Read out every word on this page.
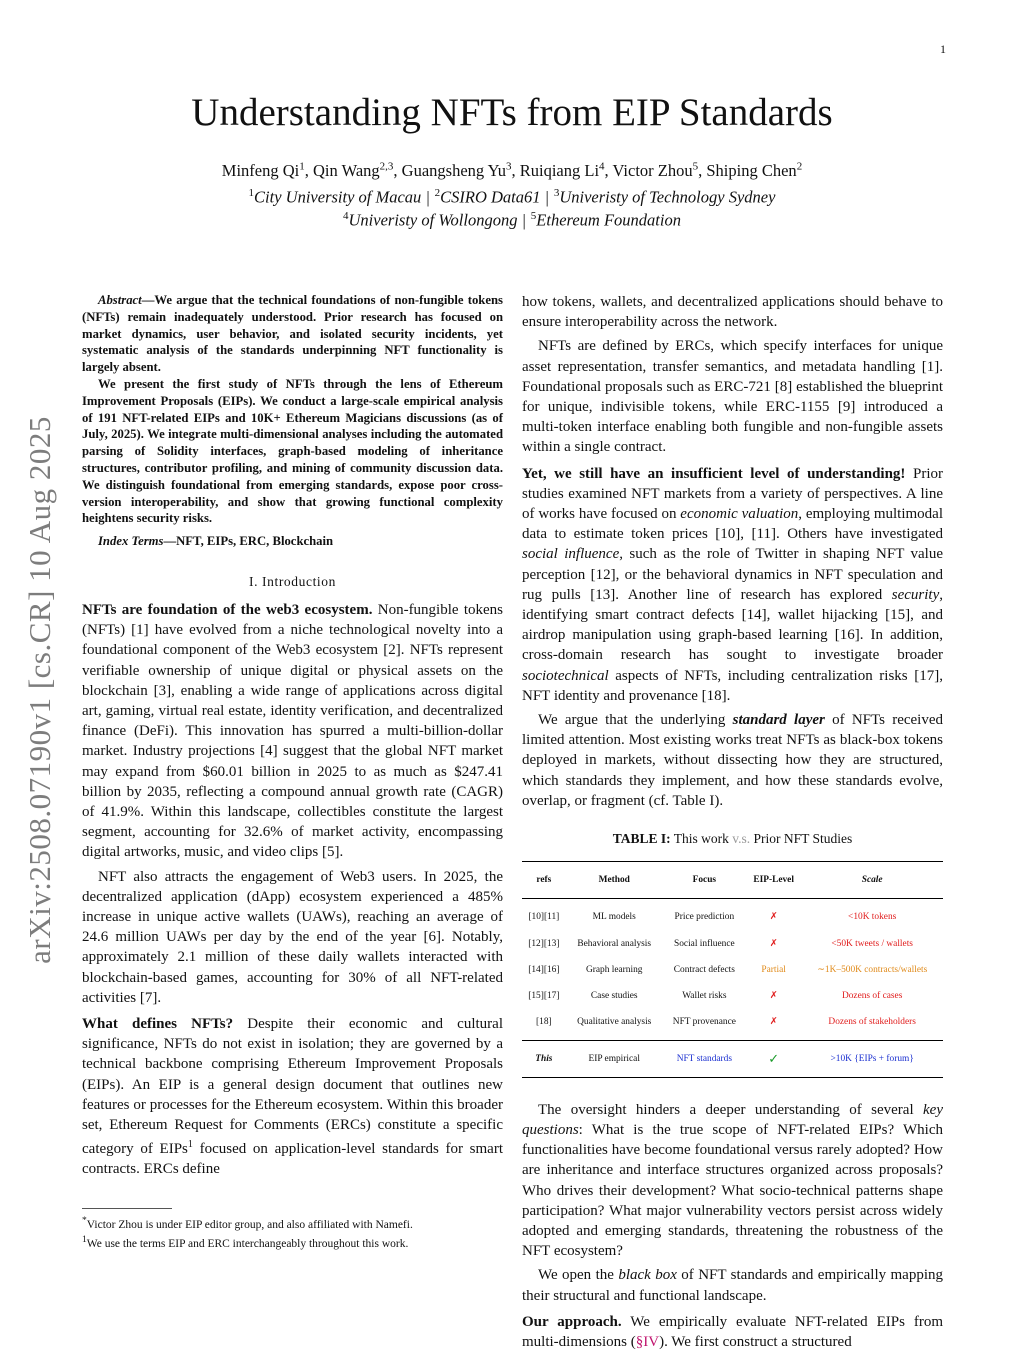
1
arXiv:2508.07190v1 [cs.CR] 10 Aug 2025
Understanding NFTs from EIP Standards
Minfeng Qi$^1$, Qin Wang$^{2,3}$, Guangsheng Yu$^3$, Ruiqiang Li$^4$, Victor Zhou$^5$, Shiping Chen$^2$
$^1$City University of Macau | $^2$CSIRO Data61 | $^3$Univeristy of Technology Sydney
$^4$Univeristy of Wollongong | $^5$Ethereum Foundation

Abstract—We argue that the technical foundations of non-fungible tokens (NFTs) remain inadequately understood. Prior research has focused on market dynamics, user behavior, and isolated security incidents, yet systematic analysis of the standards underpinning NFT functionality is largely absent.

We present the first study of NFTs through the lens of Ethereum Improvement Proposals (EIPs). We conduct a large-scale empirical analysis of 191 NFT-related EIPs and 10K+ Ethereum Magicians discussions (as of July, 2025). We integrate multi-dimensional analyses including the automated parsing of Solidity interfaces, graph-based modeling of inheritance structures, contributor profiling, and mining of community discussion data. We distinguish foundational from emerging standards, expose poor cross-version interoperability, and show that growing functional complexity heightens security risks.

Index Terms—NFT, EIPs, ERC, Blockchain

I. Introduction

NFTs are foundation of the web3 ecosystem. Non-fungible tokens (NFTs) [1] have evolved from a niche technological novelty into a foundational component of the Web3 ecosystem [2]. NFTs represent verifiable ownership of unique digital or physical assets on the blockchain [3], enabling a wide range of applications across digital art, gaming, virtual real estate, identity verification, and decentralized finance (DeFi). This innovation has spurred a multi-billion-dollar market. Industry projections [4] suggest that the global NFT market may expand from $60.01 billion in 2025 to as much as $247.41 billion by 2035, reflecting a compound annual growth rate (CAGR) of 41.9%. Within this landscape, collectibles constitute the largest segment, accounting for 32.6% of market activity, encompassing digital artworks, music, and video clips [5].

NFT also attracts the engagement of Web3 users. In 2025, the decentralized application (dApp) ecosystem experienced a 485% increase in unique active wallets (UAWs), reaching an average of 24.6 million UAWs per day by the end of the year [6]. Notably, approximately 2.1 million of these daily wallets interacted with blockchain-based games, accounting for 30% of all NFT-related activities [7].

What defines NFTs? Despite their economic and cultural significance, NFTs do not exist in isolation; they are governed by a technical backbone comprising Ethereum Improvement Proposals (EIPs). An EIP is a general design document that outlines new features or processes for the Ethereum ecosystem. Within this broader set, Ethereum Request for Comments (ERCs) constitute a specific category of EIPs$^1$ focused on application-level standards for smart contracts. ERCs define

*Victor Zhou is under EIP editor group, and also affiliated with Namefi.

$^1$We use the terms EIP and ERC interchangeably throughout this work.

how tokens, wallets, and decentralized applications should behave to ensure interoperability across the network.

NFTs are defined by ERCs, which specify interfaces for unique asset representation, transfer semantics, and metadata handling [1]. Foundational proposals such as ERC-721 [8] established the blueprint for unique, indivisible tokens, while ERC-1155 [9] introduced a multi-token interface enabling both fungible and non-fungible assets within a single contract.

Yet, we still have an insufficient level of understanding! Prior studies examined NFT markets from a variety of perspectives. A line of works have focused on economic valuation, employing multimodal data to estimate token prices [10], [11]. Others have investigated social influence, such as the role of Twitter in shaping NFT value perception [12], or the behavioral dynamics in NFT speculation and rug pulls [13]. Another line of research has explored security, identifying smart contract defects [14], wallet hijacking [15], and airdrop manipulation using graph-based learning [16]. In addition, cross-domain research has sought to investigate broader sociotechnical aspects of NFTs, including centralization risks [17], NFT identity and provenance [18].

We argue that the underlying standard layer of NFTs received limited attention. Most existing works treat NFTs as black-box tokens deployed in markets, without dissecting how they are structured, which standards they implement, and how these standards evolve, overlap, or fragment (cf. Table I).

TABLE I: This work v.s. Prior NFT Studies
refs	Method	Focus	EIP-Level	Scale
[10][11]	ML models	Price prediction	✗	<10K tokens
[12][13]	Behavioral analysis	Social influence	✗	<50K tweets / wallets
[14][16]	Graph learning	Contract defects	Partial	∼1K–500K contracts/wallets
[15][17]	Case studies	Wallet risks	✗	Dozens of cases
[18]	Qualitative analysis	NFT provenance	✗	Dozens of stakeholders
This	EIP empirical	NFT standards	✓	>10K {EIPs + forum}

The oversight hinders a deeper understanding of several key questions: What is the true scope of NFT-related EIPs? Which functionalities have become foundational versus rarely adopted? How are inheritance and interface structures organized across proposals? Who drives their development? What socio-technical patterns shape participation? What major vulnerability vectors persist across widely adopted and emerging standards, threatening the robustness of the NFT ecosystem?

We open the black box of NFT standards and empirically mapping their structural and functional landscape.

Our approach. We empirically evaluate NFT-related EIPs from multi-dimensions (§IV). We first construct a structured
